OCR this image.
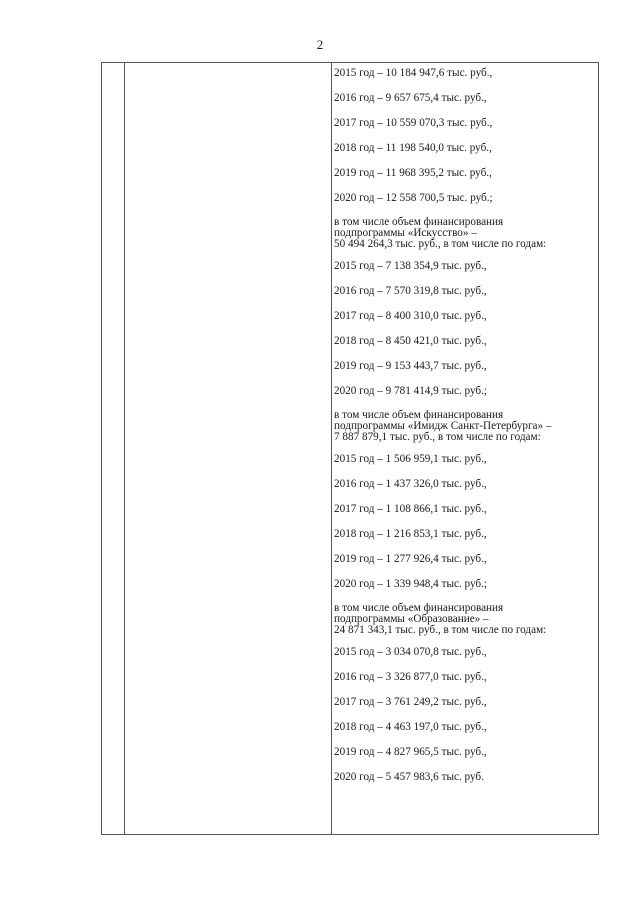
2
2015 год – 10 184 947,6 тыс. руб.,
2016 год – 9 657 675,4 тыс. руб.,
2017 год – 10 559 070,3 тыс. руб.,
2018 год – 11 198 540,0 тыс. руб.,
2019 год – 11 968 395,2 тыс. руб.,
2020 год – 12 558 700,5 тыс. руб.;
в том числе объем финансирования
подпрограммы «Искусство» –
50 494 264,3 тыс. руб., в том числе по годам:
2015 год – 7 138 354,9 тыс. руб.,
2016 год – 7 570 319,8 тыс. руб.,
2017 год – 8 400 310,0 тыс. руб.,
2018 год – 8 450 421,0 тыс. руб.,
2019 год – 9 153 443,7 тыс. руб.,
2020 год – 9 781 414,9 тыс. руб.;
в том числе объем финансирования
подпрограммы «Имидж Санкт-Петербурга» –
7 887 879,1 тыс. руб., в том числе по годам:
2015 год – 1 506 959,1 тыс. руб.,
2016 год – 1 437 326,0 тыс. руб.,
2017 год – 1 108 866,1 тыс. руб.,
2018 год – 1 216 853,1 тыс. руб.,
2019 год – 1 277 926,4 тыс. руб.,
2020 год – 1 339 948,4 тыс. руб.;
в том числе объем финансирования
подпрограммы «Образование» –
24 871 343,1 тыс. руб., в том числе по годам:
2015 год – 3 034 070,8 тыс. руб.,
2016 год – 3 326 877,0 тыс. руб.,
2017 год – 3 761 249,2 тыс. руб.,
2018 год – 4 463 197,0 тыс. руб.,
2019 год – 4 827 965,5 тыс. руб.,
2020 год – 5 457 983,6 тыс. руб.
